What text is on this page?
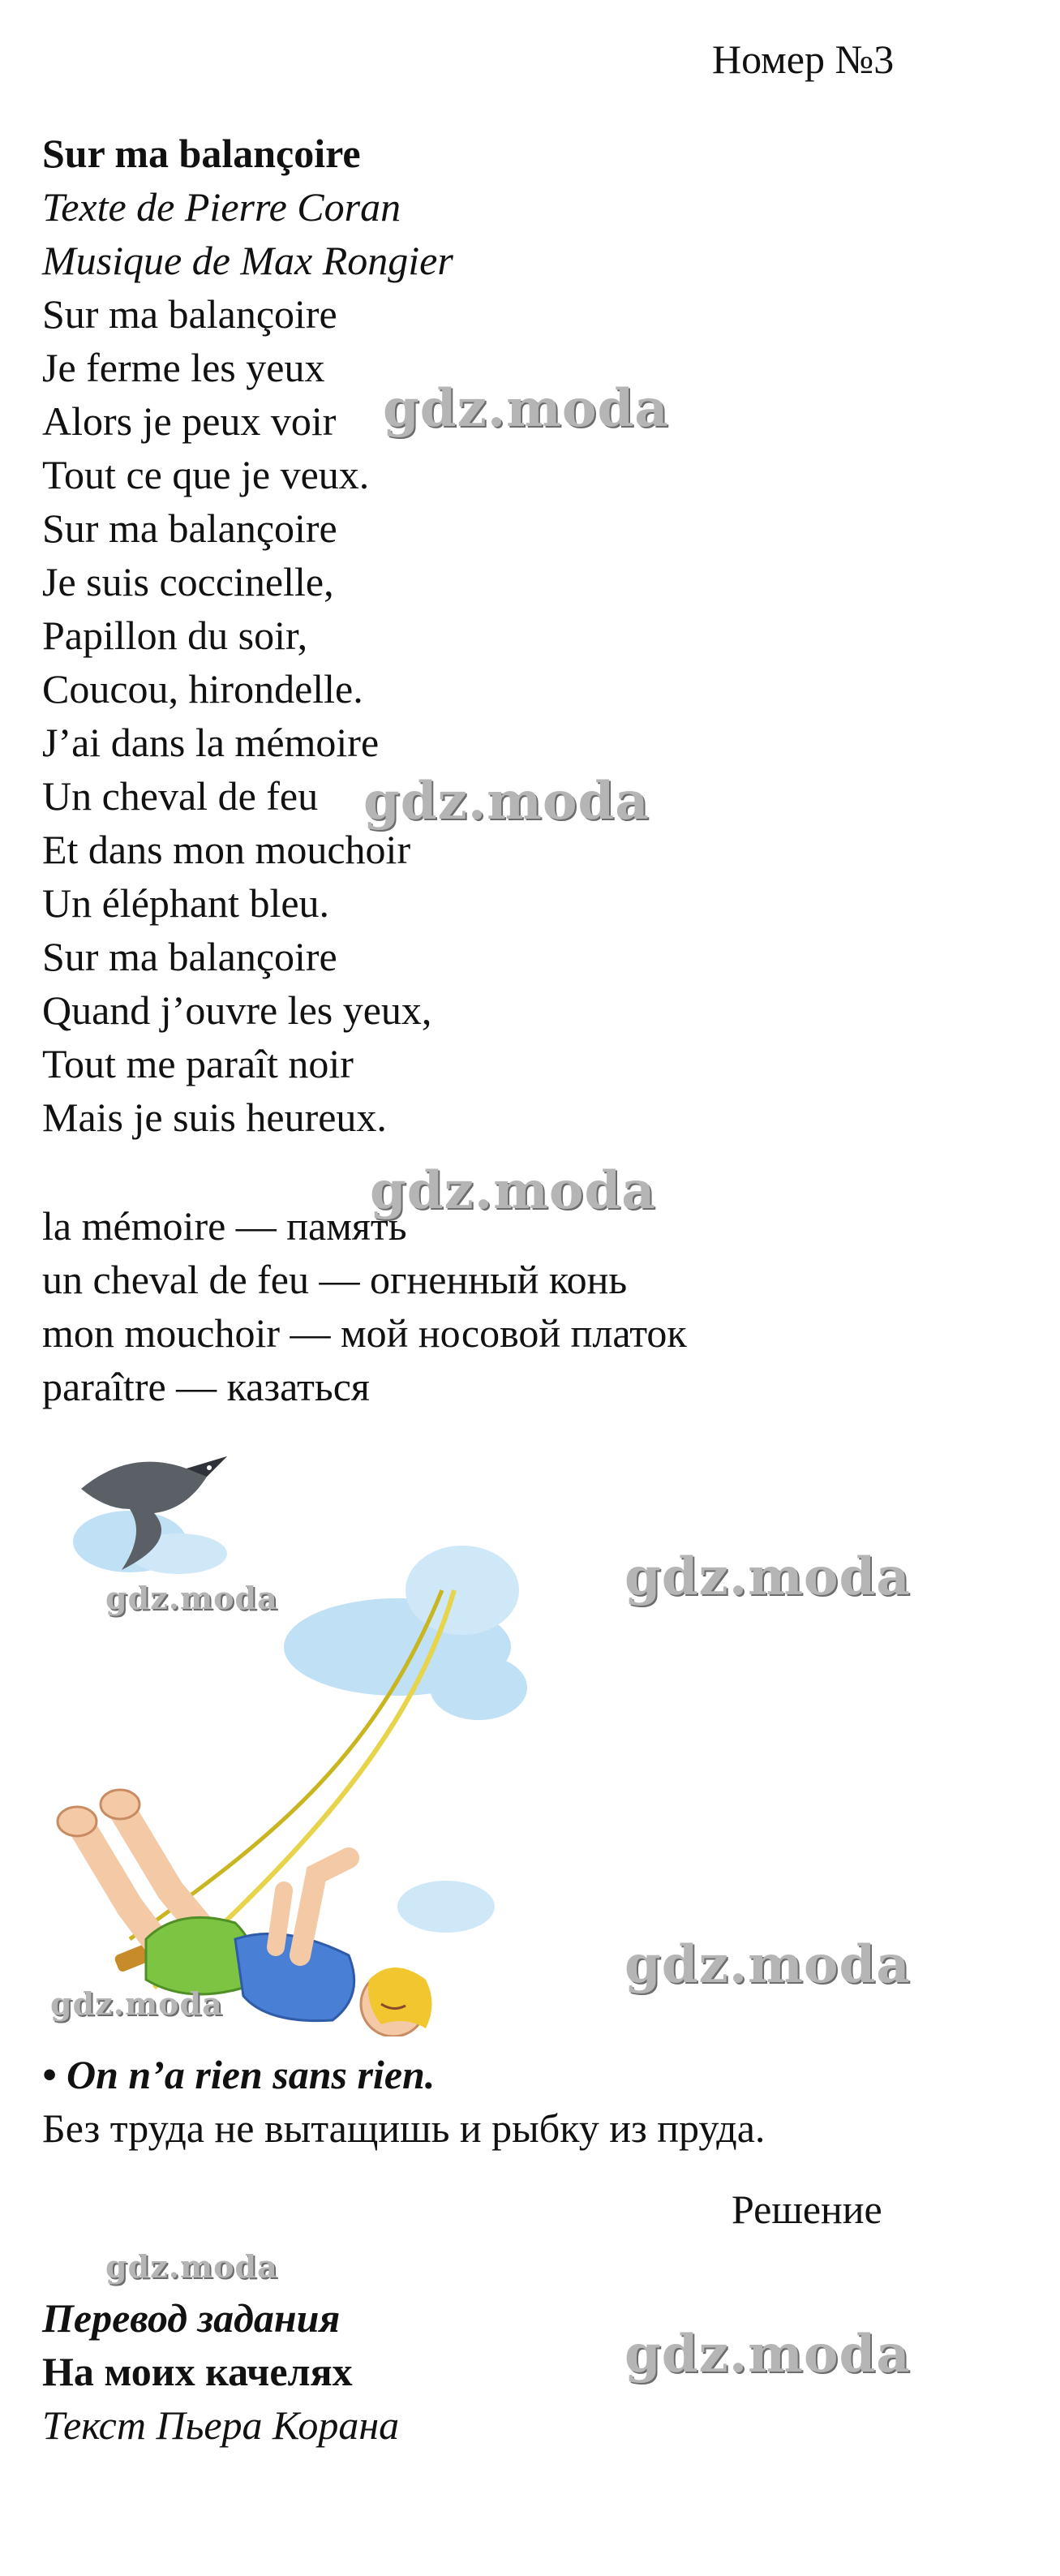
Номер №3
Sur ma balançoire
Texte de Pierre Coran
Musique de Max Rongier
Sur ma balançoire
Je ferme les yeux
Alors je peux voir
Tout ce que je veux.
Sur ma balançoire
Je suis coccinelle,
Papillon du soir,
Coucou, hirondelle.
J’ai dans la mémoire
Un cheval de feu
Et dans mon mouchoir
Un éléphant bleu.
Sur ma balançoire
Quand j’ouvre les yeux,
Tout me paraît noir
Mais je suis heureux.
la mémoire — память
un cheval de feu — огненный конь
mon mouchoir — мой носовой платок
paraître — казаться
• On n’a rien sans rien.
Без труда не вытащишь и рыбку из пруда.
Решение
Перевод задания
На моих качелях
Текст Пьера Корана
gdz.moda
gdz.moda
gdz.moda
gdz.moda
gdz.moda
gdz.moda
gdz.moda
gdz.moda
gdz.moda
